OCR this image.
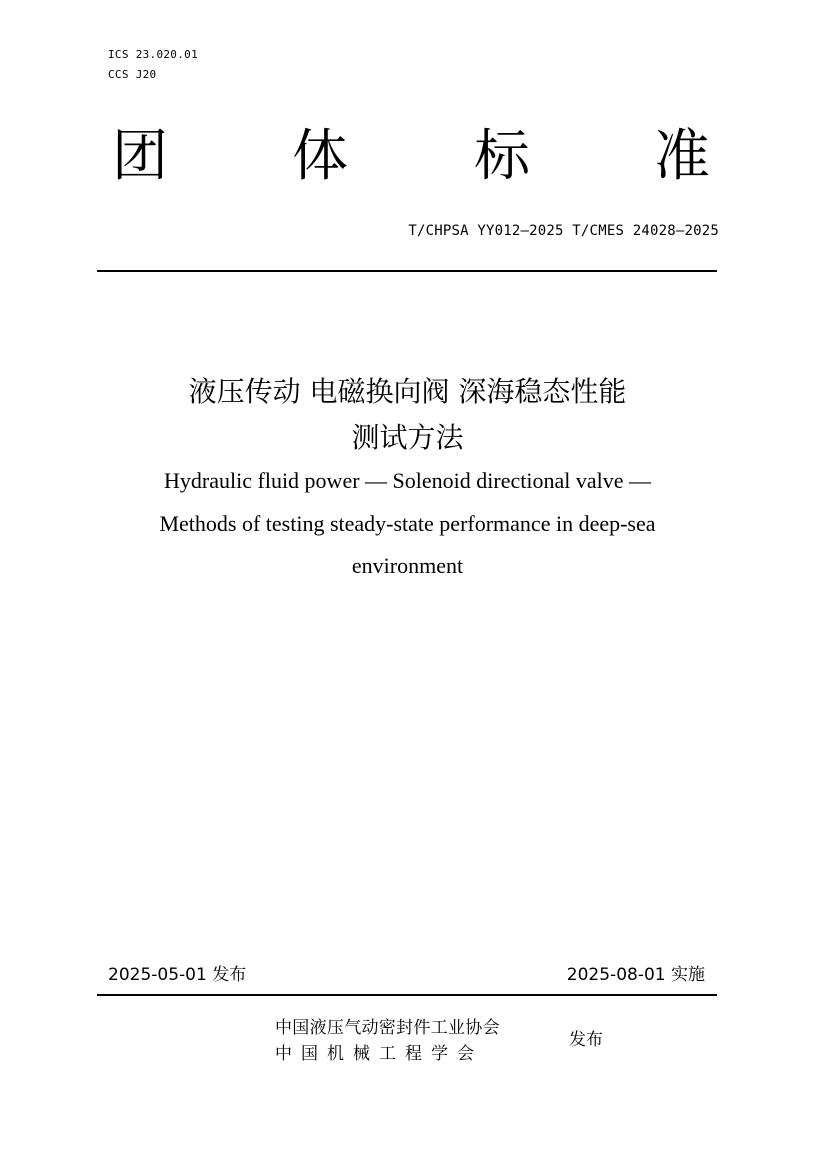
ICS 23.020.01
CCS J20
团 体 标 准
T/CHPSA YY012—2025 T/CMES 24028—2025
液压传动 电磁换向阀 深海稳态性能
测试方法
Hydraulic fluid power — Solenoid directional valve —
Methods of testing steady-state performance in deep-sea
environment
2025-05-01 发布	2025-08-01 实施
中国液压气动密封件工业协会
中国机械工程学会
发布
